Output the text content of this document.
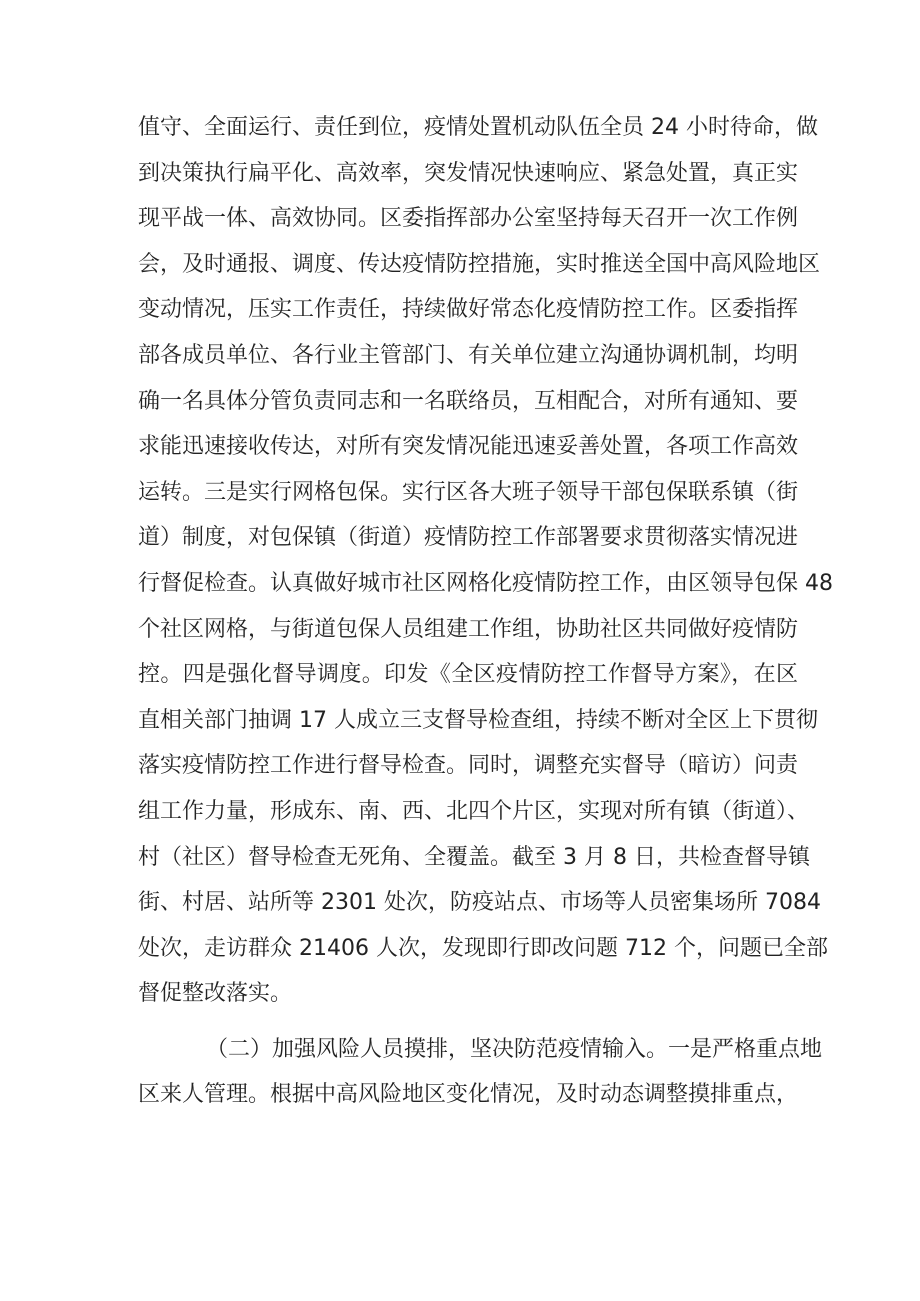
值守、全面运行、责任到位，疫情处置机动队伍全员 24 小时待命，做
到决策执行扁平化、高效率，突发情况快速响应、紧急处置，真正实
现平战一体、高效协同。区委指挥部办公室坚持每天召开一次工作例
会，及时通报、调度、传达疫情防控措施，实时推送全国中高风险地区
变动情况，压实工作责任，持续做好常态化疫情防控工作。区委指挥
部各成员单位、各行业主管部门、有关单位建立沟通协调机制，均明
确一名具体分管负责同志和一名联络员，互相配合，对所有通知、要
求能迅速接收传达，对所有突发情况能迅速妥善处置，各项工作高效
运转。三是实行网格包保。实行区各大班子领导干部包保联系镇（街
道）制度，对包保镇（街道）疫情防控工作部署要求贯彻落实情况进
行督促检查。认真做好城市社区网格化疫情防控工作，由区领导包保 48
个社区网格，与街道包保人员组建工作组，协助社区共同做好疫情防
控。四是强化督导调度。印发《全区疫情防控工作督导方案》，在区
直相关部门抽调 17 人成立三支督导检查组，持续不断对全区上下贯彻
落实疫情防控工作进行督导检查。同时，调整充实督导（暗访）问责
组工作力量，形成东、南、西、北四个片区，实现对所有镇（街道）、
村（社区）督导检查无死角、全覆盖。截至 3 月 8 日，共检查督导镇
街、村居、站所等 2301 处次，防疫站点、市场等人员密集场所 7084
处次，走访群众 21406 人次，发现即行即改问题 712 个，问题已全部
督促整改落实。
（二）加强风险人员摸排，坚决防范疫情输入。一是严格重点地
区来人管理。根据中高风险地区变化情况，及时动态调整摸排重点，
